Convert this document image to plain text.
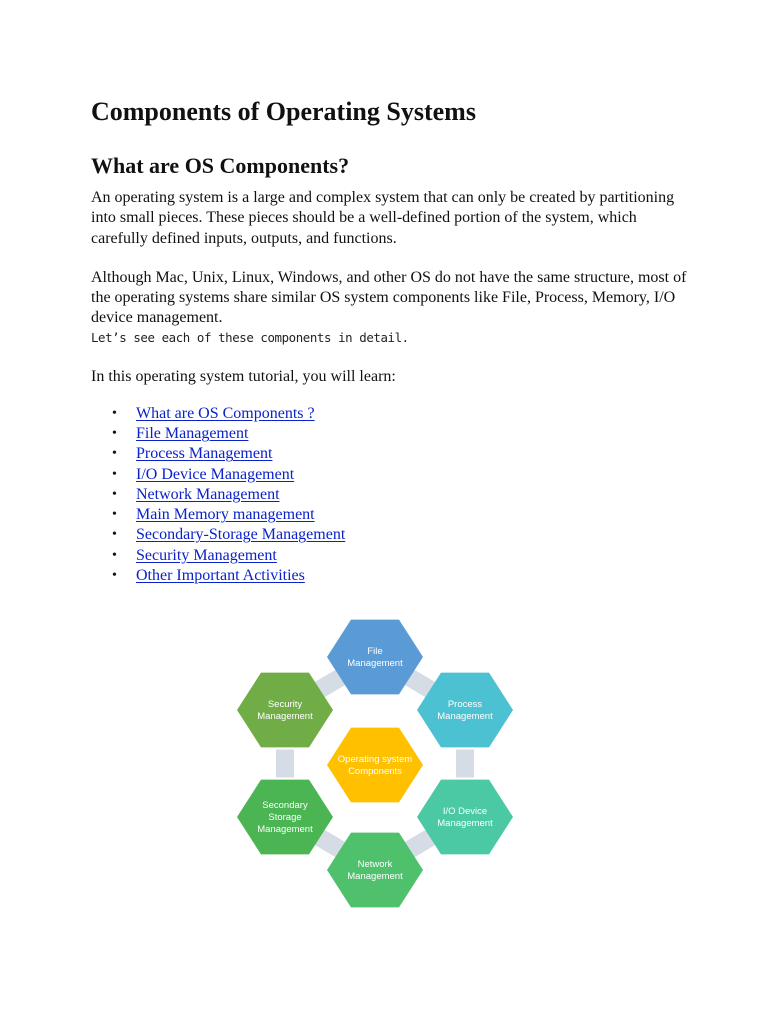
Components of Operating Systems
What are OS Components?

An operating system is a large and complex system that can only be created by partitioning into small pieces. These pieces should be a well-defined portion of the system, which carefully defined inputs, outputs, and functions.

Although Mac, Unix, Linux, Windows, and other OS do not have the same structure, most of the operating systems share similar OS system components like File, Process, Memory, I/O device management.

Let’s see each of these components in detail.

In this operating system tutorial, you will learn:

• What are OS Components ?
• File Management
• Process Management
• I/O Device Management
• Network Management
• Main Memory management
• Secondary-Storage Management
• Security Management
• Other Important Activities
File
Management
Process
Management
I/O Device
Management
Network
Management
Secondary
Storage
Management
Security
Management
Operating system
Components
